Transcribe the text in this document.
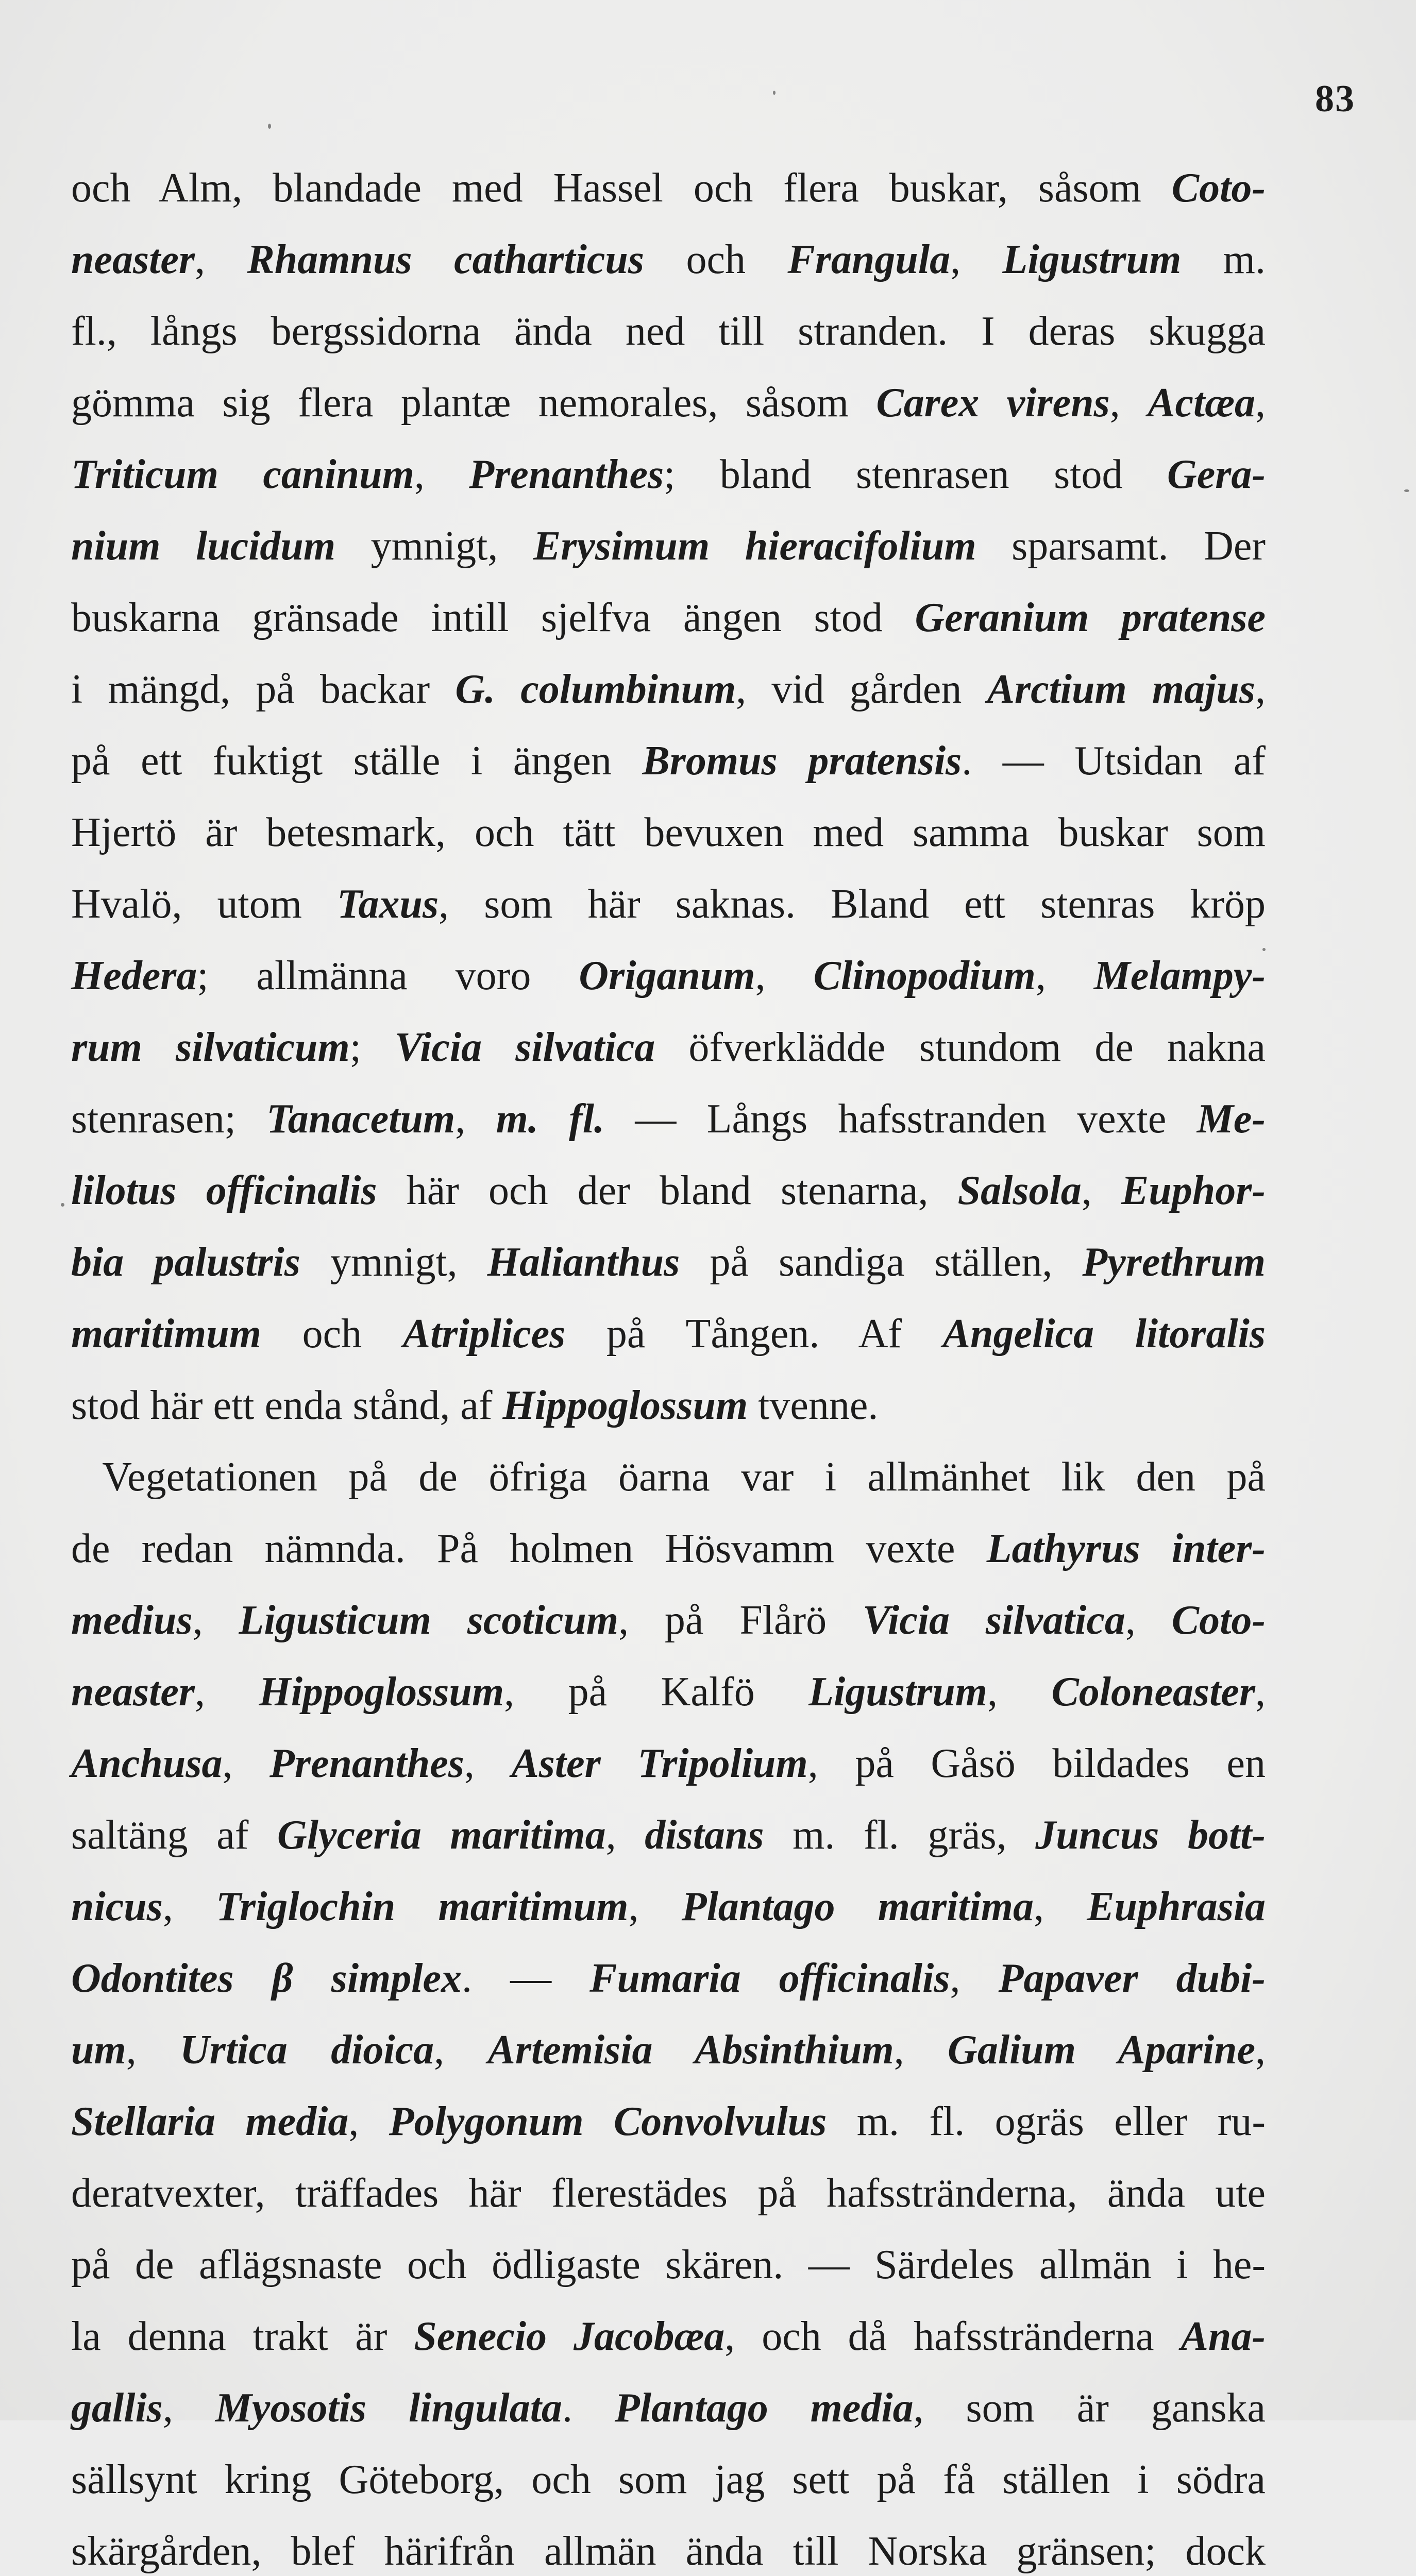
83
och Alm, blandade med Hassel och flera buskar, såsom Coto-
neaster, Rhamnus catharticus och Frangula, Ligustrum m.
fl., långs bergssidorna ända ned till stranden. I deras skugga
gömma sig flera plantæ nemorales, såsom Carex virens, Actæa,
Triticum caninum, Prenanthes; bland stenrasen stod Gera-
nium lucidum ymnigt, Erysimum hieracifolium sparsamt. Der
buskarna gränsade intill sjelfva ängen stod Geranium pratense
i mängd, på backar G. columbinum, vid gården Arctium majus,
på ett fuktigt ställe i ängen Bromus pratensis. — Utsidan af
Hjertö är betesmark, och tätt bevuxen med samma buskar som
Hvalö, utom Taxus, som här saknas. Bland ett stenras kröp
Hedera; allmänna voro Origanum, Clinopodium, Melampy-
rum silvaticum; Vicia silvatica öfverklädde stundom de nakna
stenrasen; Tanacetum, m. fl. — Långs hafsstranden vexte Me-
lilotus officinalis här och der bland stenarna, Salsola, Euphor-
bia palustris ymnigt, Halianthus på sandiga ställen, Pyrethrum
maritimum och Atriplices på Tången. Af Angelica litoralis
stod här ett enda stånd, af Hippoglossum tvenne.
Vegetationen på de öfriga öarna var i allmänhet lik den på
de redan nämnda. På holmen Hösvamm vexte Lathyrus inter-
medius, Ligusticum scoticum, på Flårö Vicia silvatica, Coto-
neaster, Hippoglossum, på Kalfö Ligustrum, Coloneaster,
Anchusa, Prenanthes, Aster Tripolium, på Gåsö bildades en
saltäng af Glyceria maritima, distans m. fl. gräs, Juncus bott-
nicus, Triglochin maritimum, Plantago maritima, Euphrasia
Odontites β simplex. — Fumaria officinalis, Papaver dubi-
um, Urtica dioica, Artemisia Absinthium, Galium Aparine,
Stellaria media, Polygonum Convolvulus m. fl. ogräs eller ru-
deratvexter, träffades här flerestädes på hafsstränderna, ända ute
på de aflägsnaste och ödligaste skären. — Särdeles allmän i he-
la denna trakt är Senecio Jacobæa, och då hafsstränderna Ana-
gallis, Myosotis lingulata. Plantago media, som är ganska
sällsynt kring Göteborg, och som jag sett på få ställen i södra
skärgården, blef härifrån allmän ända till Norska gränsen; dock
